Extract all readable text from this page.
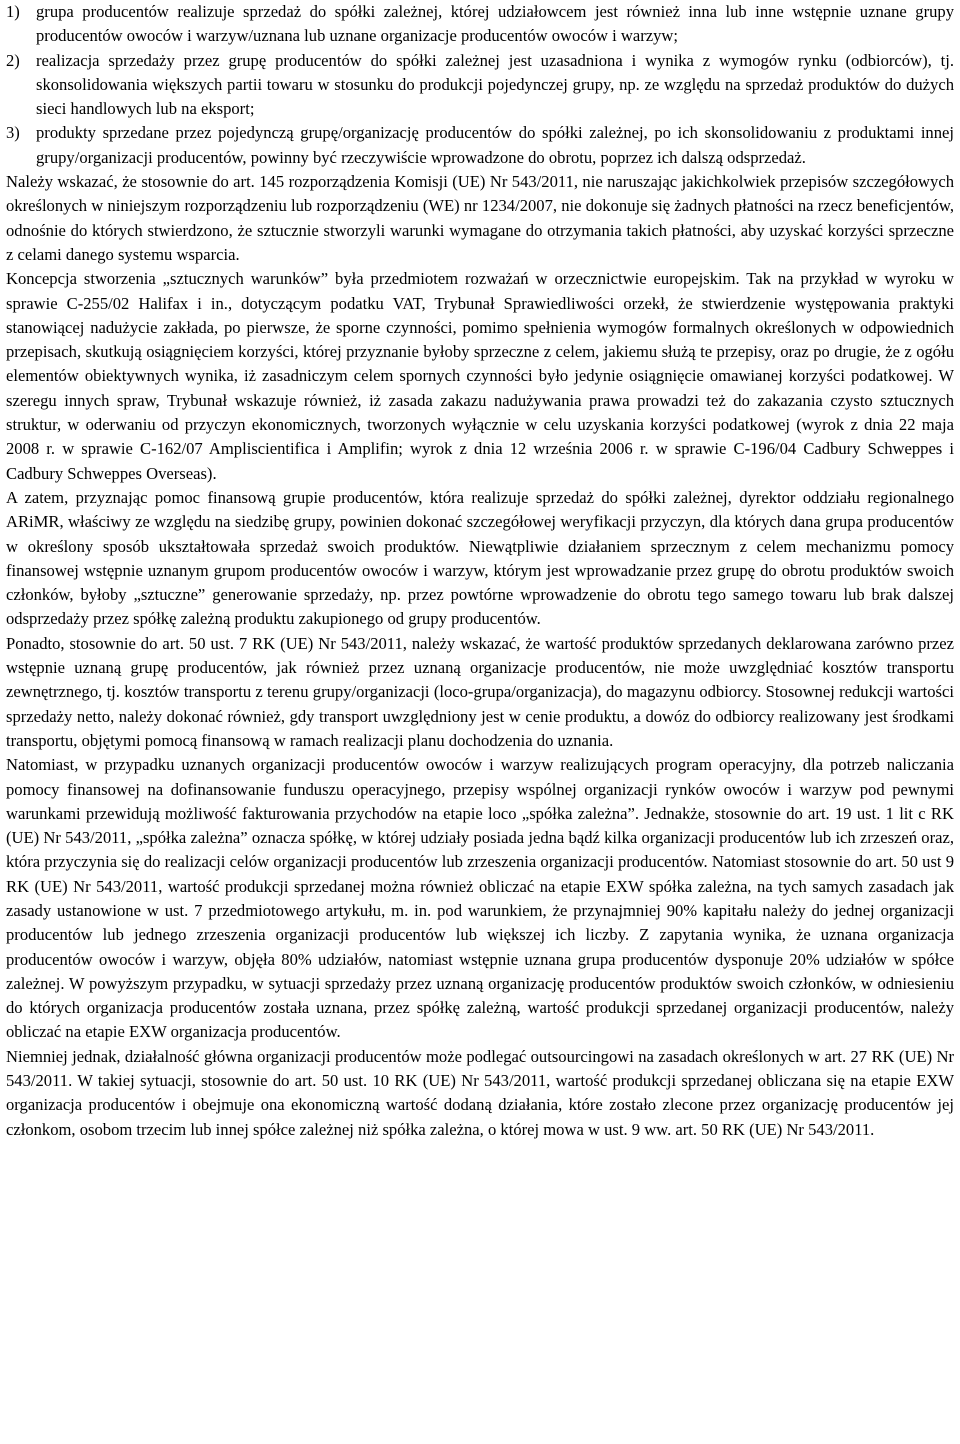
1) grupa producentów realizuje sprzedaż do spółki zależnej, której udziałowcem jest również inna lub inne wstępnie uznane grupy producentów owoców i warzyw/uznana lub uznane organizacje producentów owoców i warzyw;
2) realizacja sprzedaży przez grupę producentów do spółki zależnej jest uzasadniona i wynika z wymogów rynku (odbiorców), tj. skonsolidowania większych partii towaru w stosunku do produkcji pojedynczej grupy, np. ze względu na sprzedaż produktów do dużych sieci handlowych lub na eksport;
3) produkty sprzedane przez pojedynczą grupę/organizację producentów do spółki zależnej, po ich skonsolidowaniu z produktami innej grupy/organizacji producentów, powinny być rzeczywiście wprowadzone do obrotu, poprzez ich dalszą odsprzedaż.

Należy wskazać, że stosownie do art. 145 rozporządzenia Komisji (UE) Nr 543/2011, nie naruszając jakichkolwiek przepisów szczegółowych określonych w niniejszym rozporządzeniu lub rozporządzeniu (WE) nr 1234/2007, nie dokonuje się żadnych płatności na rzecz beneficjentów, odnośnie do których stwierdzono, że sztucznie stworzyli warunki wymagane do otrzymania takich płatności, aby uzyskać korzyści sprzeczne z celami danego systemu wsparcia.

Koncepcja stworzenia „sztucznych warunków” była przedmiotem rozważań w orzecznictwie europejskim. Tak na przykład w wyroku w sprawie C-255/02 Halifax i in., dotyczącym podatku VAT, Trybunał Sprawiedliwości orzekł, że stwierdzenie występowania praktyki stanowiącej nadużycie zakłada, po pierwsze, że sporne czynności, pomimo spełnienia wymogów formalnych określonych w odpowiednich przepisach, skutkują osiągnięciem korzyści, której przyznanie byłoby sprzeczne z celem, jakiemu służą te przepisy, oraz po drugie, że z ogółu elementów obiektywnych wynika, iż zasadniczym celem spornych czynności było jedynie osiągnięcie omawianej korzyści podatkowej. W szeregu innych spraw, Trybunał wskazuje również, iż zasada zakazu nadużywania prawa prowadzi też do zakazania czysto sztucznych struktur, w oderwaniu od przyczyn ekonomicznych, tworzonych wyłącznie w celu uzyskania korzyści podatkowej (wyrok z dnia 22 maja 2008 r. w sprawie C-162/07 Ampliscientifica i Amplifin; wyrok z dnia 12 września 2006 r. w sprawie C-196/04 Cadbury Schweppes i Cadbury Schweppes Overseas).

A zatem, przyznając pomoc finansową grupie producentów, która realizuje sprzedaż do spółki zależnej, dyrektor oddziału regionalnego ARiMR, właściwy ze względu na siedzibę grupy, powinien dokonać szczegółowej weryfikacji przyczyn, dla których dana grupa producentów w określony sposób ukształtowała sprzedaż swoich produktów. Niewątpliwie działaniem sprzecznym z celem mechanizmu pomocy finansowej wstępnie uznanym grupom producentów owoców i warzyw, którym jest wprowadzanie przez grupę do obrotu produktów swoich członków, byłoby „sztuczne” generowanie sprzedaży, np. przez powtórne wprowadzenie do obrotu tego samego towaru lub brak dalszej odsprzedaży przez spółkę zależną produktu zakupionego od grupy producentów.

Ponadto, stosownie do art. 50 ust. 7 RK (UE) Nr 543/2011, należy wskazać, że wartość produktów sprzedanych deklarowana zarówno przez wstępnie uznaną grupę producentów, jak również przez uznaną organizacje producentów, nie może uwzględniać kosztów transportu zewnętrznego, tj. kosztów transportu z terenu grupy/organizacji (loco-grupa/organizacja), do magazynu odbiorcy. Stosownej redukcji wartości sprzedaży netto, należy dokonać również, gdy transport uwzględniony jest w cenie produktu, a dowóz do odbiorcy realizowany jest środkami transportu, objętymi pomocą finansową w ramach realizacji planu dochodzenia do uznania.

Natomiast, w przypadku uznanych organizacji producentów owoców i warzyw realizujących program operacyjny, dla potrzeb naliczania pomocy finansowej na dofinansowanie funduszu operacyjnego, przepisy wspólnej organizacji rynków owoców i warzyw pod pewnymi warunkami przewidują możliwość fakturowania przychodów na etapie loco „spółka zależna”. Jednakże, stosownie do art. 19 ust. 1 lit c RK (UE) Nr 543/2011, „spółka zależna” oznacza spółkę, w której udziały posiada jedna bądź kilka organizacji producentów lub ich zrzeszeń oraz, która przyczynia się do realizacji celów organizacji producentów lub zrzeszenia organizacji producentów. Natomiast stosownie do art. 50 ust 9 RK (UE) Nr 543/2011, wartość produkcji sprzedanej można również obliczać na etapie EXW spółka zależna, na tych samych zasadach jak zasady ustanowione w ust. 7 przedmiotowego artykułu, m. in. pod warunkiem, że przynajmniej 90% kapitału należy do jednej organizacji producentów lub jednego zrzeszenia organizacji producentów lub większej ich liczby. Z zapytania wynika, że uznana organizacja producentów owoców i warzyw, objęła 80% udziałów, natomiast wstępnie uznana grupa producentów dysponuje 20% udziałów w spółce zależnej. W powyższym przypadku, w sytuacji sprzedaży przez uznaną organizację producentów produktów swoich członków, w odniesieniu do których organizacja producentów została uznana, przez spółkę zależną, wartość produkcji sprzedanej organizacji producentów, należy obliczać na etapie EXW organizacja producentów.

Niemniej jednak, działalność główna organizacji producentów może podlegać outsourcingowi na zasadach określonych w art. 27 RK (UE) Nr 543/2011. W takiej sytuacji, stosownie do art. 50 ust. 10 RK (UE) Nr 543/2011, wartość produkcji sprzedanej obliczana się na etapie EXW organizacja producentów i obejmuje ona ekonomiczną wartość dodaną działania, które zostało zlecone przez organizację producentów jej członkom, osobom trzecim lub innej spółce zależnej niż spółka zależna, o której mowa w ust. 9 ww. art. 50 RK (UE) Nr 543/2011.
